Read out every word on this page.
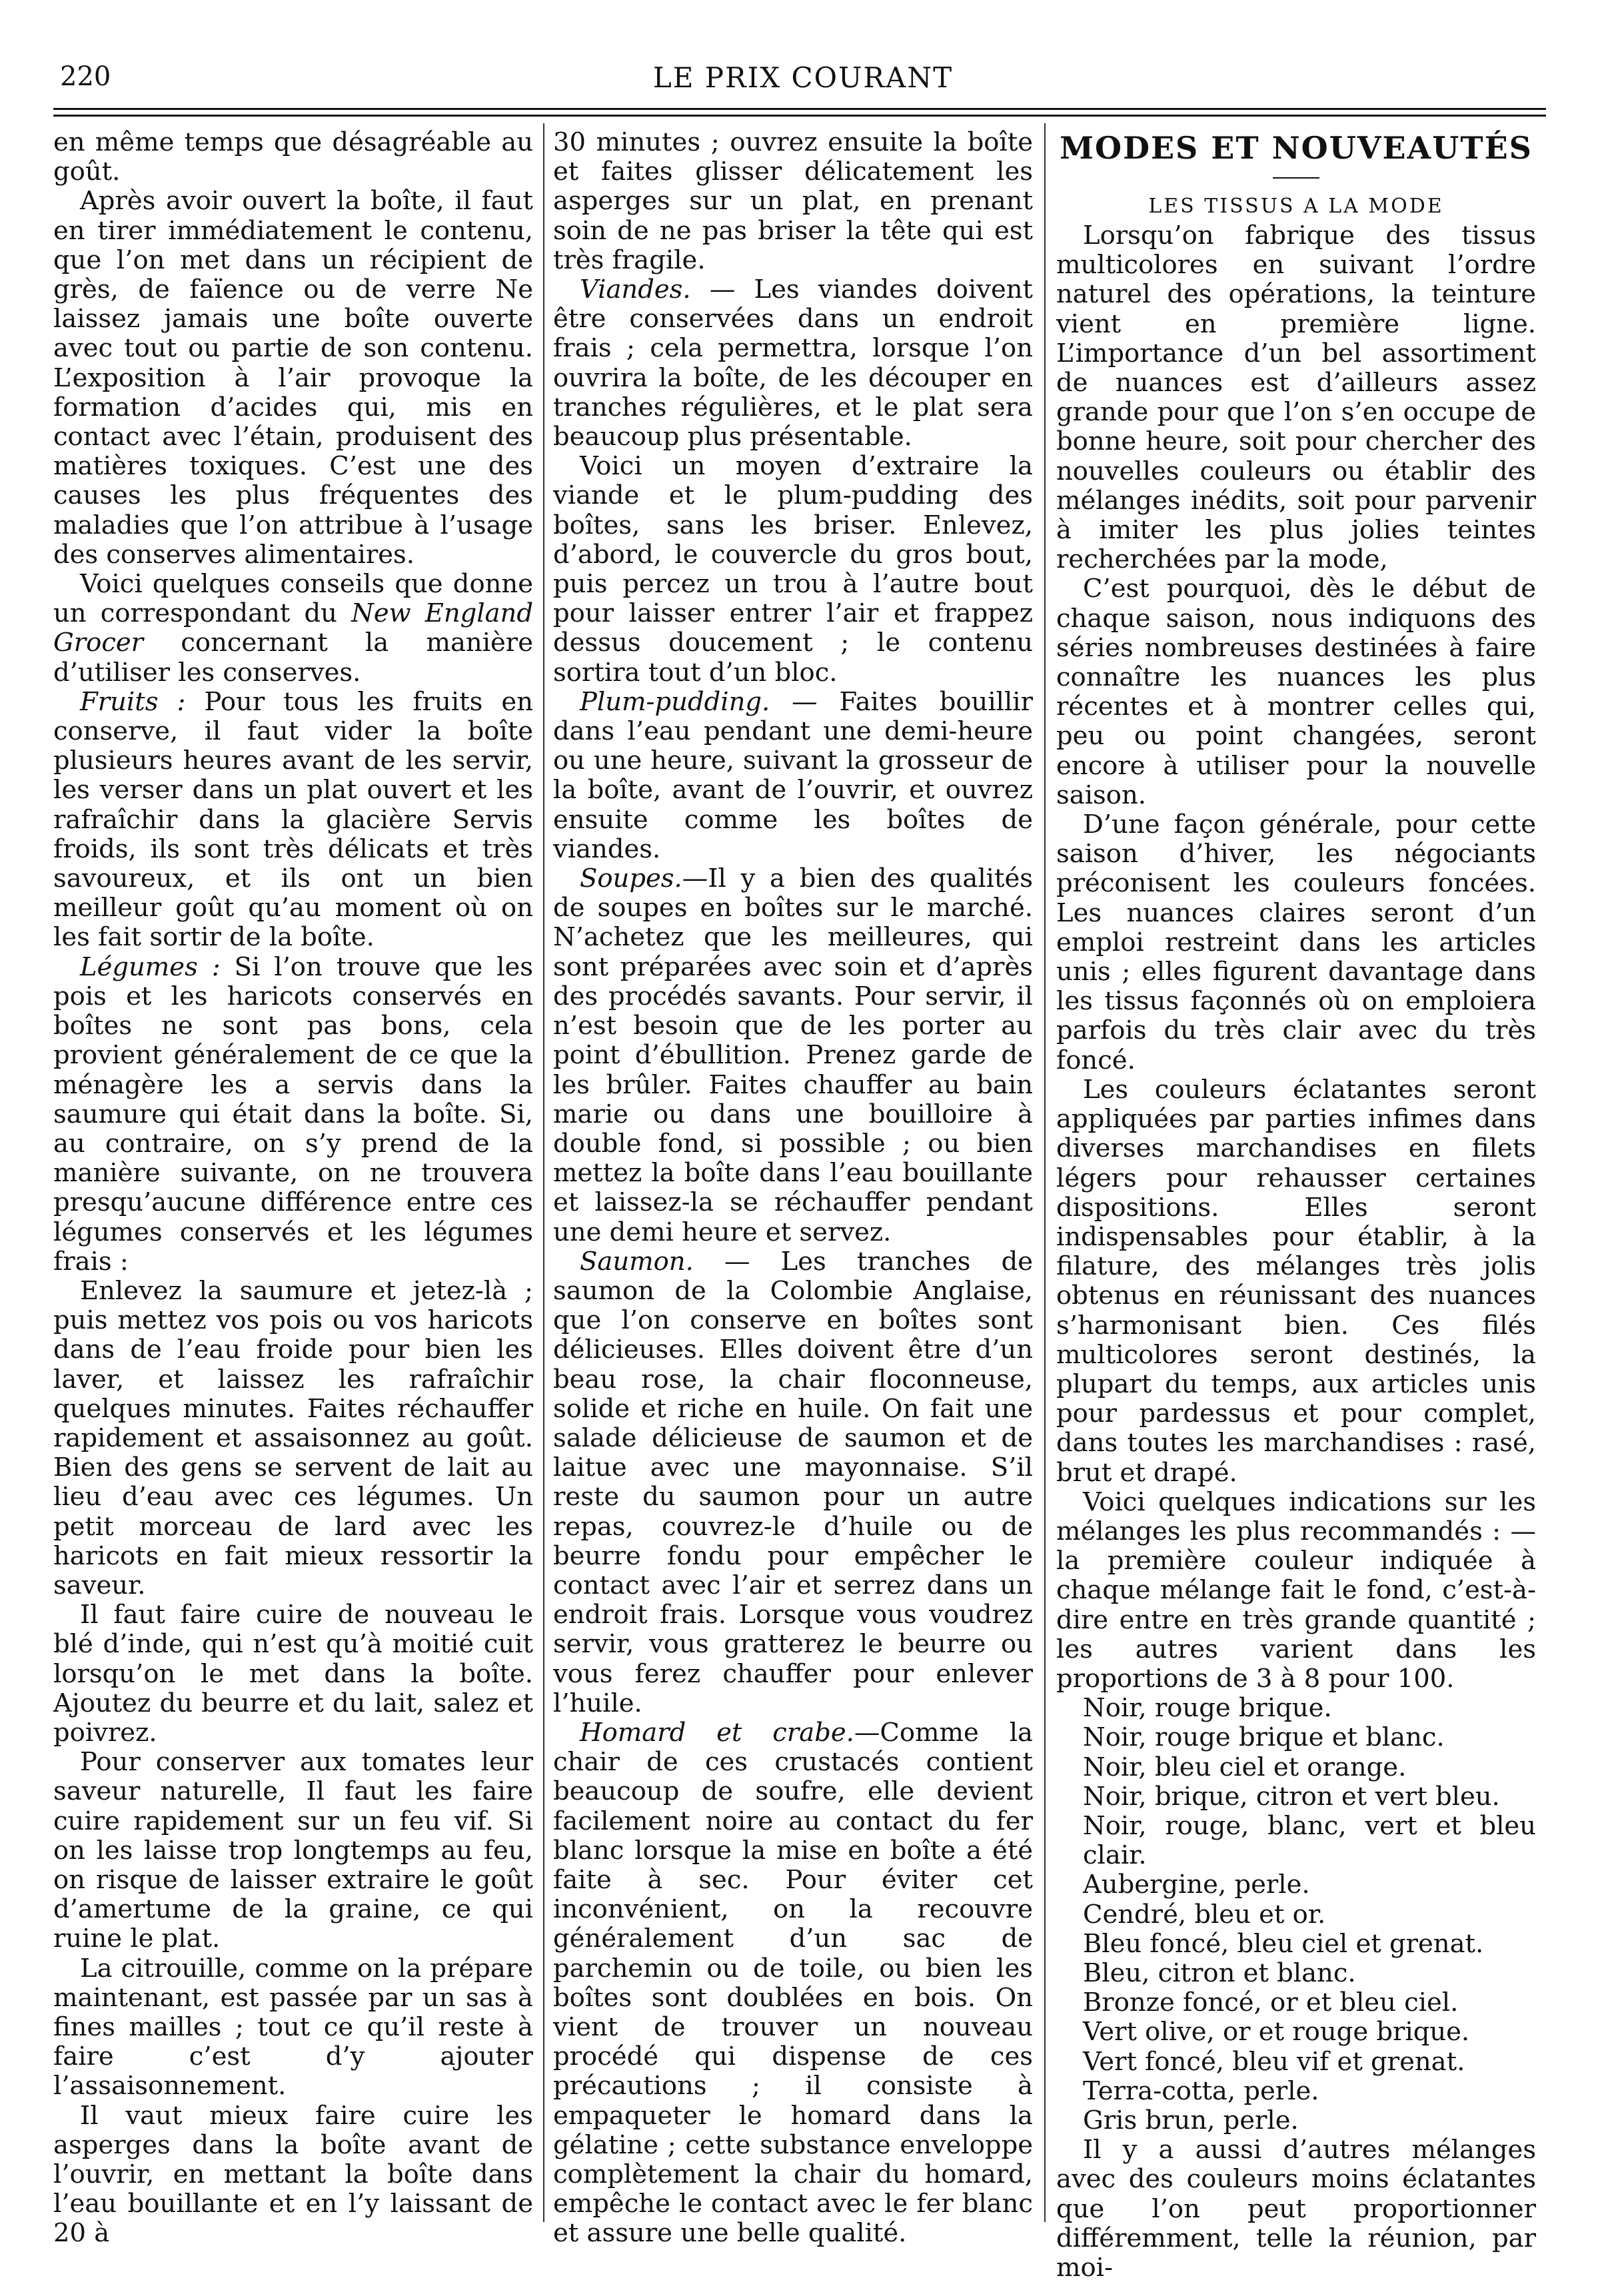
220	LE PRIX COURANT

en même temps que désagréable au goût.

Après avoir ouvert la boîte, il faut en tirer immédiatement le contenu, que l’on met dans un récipient de grès, de faïence ou de verre Ne laissez jamais une boîte ouverte avec tout ou partie de son contenu. L’exposition à l’air provoque la formation d’acides qui, mis en contact avec l’étain, produisent des matières toxiques. C’est une des causes les plus fréquentes des maladies que l’on attribue à l’usage des conserves alimentaires.

Voici quelques conseils que donne un correspondant du New England Grocer concernant la manière d’utiliser les conserves.

Fruits : Pour tous les fruits en conserve, il faut vider la boîte plusieurs heures avant de les servir, les verser dans un plat ouvert et les rafraîchir dans la glacière Servis froids, ils sont très délicats et très savoureux, et ils ont un bien meilleur goût qu’au moment où on les fait sortir de la boîte.

Légumes : Si l’on trouve que les pois et les haricots conservés en boîtes ne sont pas bons, cela provient généralement de ce que la ménagère les a servis dans la saumure qui était dans la boîte. Si, au contraire, on s’y prend de la manière suivante, on ne trouvera presqu’aucune différence entre ces légumes conservés et les légumes frais :

Enlevez la saumure et jetez-là ; puis mettez vos pois ou vos haricots dans de l’eau froide pour bien les laver, et laissez les rafraîchir quelques minutes. Faites réchauffer rapidement et assaisonnez au goût. Bien des gens se servent de lait au lieu d’eau avec ces légumes. Un petit morceau de lard avec les haricots en fait mieux ressortir la saveur.

Il faut faire cuire de nouveau le blé d’inde, qui n’est qu’à moitié cuit lorsqu’on le met dans la boîte. Ajoutez du beurre et du lait, salez et poivrez.

Pour conserver aux tomates leur saveur naturelle, Il faut les faire cuire rapidement sur un feu vif. Si on les laisse trop longtemps au feu, on risque de laisser extraire le goût d’amertume de la graine, ce qui ruine le plat.

La citrouille, comme on la prépare maintenant, est passée par un sas à fines mailles ; tout ce qu’il reste à faire c’est d’y ajouter l’assaisonnement.

Il vaut mieux faire cuire les asperges dans la boîte avant de l’ouvrir, en mettant la boîte dans l’eau bouillante et en l’y laissant de 20 à

30 minutes ; ouvrez ensuite la boîte et faites glisser délicatement les asperges sur un plat, en prenant soin de ne pas briser la tête qui est très fragile.

Viandes. — Les viandes doivent être conservées dans un endroit frais ; cela permettra, lorsque l’on ouvrira la boîte, de les découper en tranches régulières, et le plat sera beaucoup plus présentable.

Voici un moyen d’extraire la viande et le plum-pudding des boîtes, sans les briser. Enlevez, d’abord, le couvercle du gros bout, puis percez un trou à l’autre bout pour laisser entrer l’air et frappez dessus doucement ; le contenu sortira tout d’un bloc.

Plum-pudding. — Faites bouillir dans l’eau pendant une demi-heure ou une heure, suivant la grosseur de la boîte, avant de l’ouvrir, et ouvrez ensuite comme les boîtes de viandes.

Soupes.—Il y a bien des qualités de soupes en boîtes sur le marché. N’achetez que les meilleures, qui sont préparées avec soin et d’après des procédés savants. Pour servir, il n’est besoin que de les porter au point d’ébullition. Prenez garde de les brûler. Faites chauffer au bain marie ou dans une bouilloire à double fond, si possible ; ou bien mettez la boîte dans l’eau bouillante et laissez-la se réchauffer pendant une demi heure et servez.

Saumon. — Les tranches de saumon de la Colombie Anglaise, que l’on conserve en boîtes sont délicieuses. Elles doivent être d’un beau rose, la chair floconneuse, solide et riche en huile. On fait une salade délicieuse de saumon et de laitue avec une mayonnaise. S’il reste du saumon pour un autre repas, couvrez-le d’huile ou de beurre fondu pour empêcher le contact avec l’air et serrez dans un endroit frais. Lorsque vous voudrez servir, vous gratterez le beurre ou vous ferez chauffer pour enlever l’huile.

Homard et crabe.—Comme la chair de ces crustacés contient beaucoup de soufre, elle devient facilement noire au contact du fer blanc lorsque la mise en boîte a été faite à sec. Pour éviter cet inconvénient, on la recouvre généralement d’un sac de parchemin ou de toile, ou bien les boîtes sont doublées en bois. On vient de trouver un nouveau procédé qui dispense de ces précautions ; il consiste à empaqueter le homard dans la gélatine ; cette substance enveloppe complètement la chair du homard, empêche le contact avec le fer blanc et assure une belle qualité.

MODES ET NOUVEAUTÉS

LES TISSUS A LA MODE

Lorsqu’on fabrique des tissus multicolores en suivant l’ordre naturel des opérations, la teinture vient en première ligne. L’importance d’un bel assortiment de nuances est d’ailleurs assez grande pour que l’on s’en occupe de bonne heure, soit pour chercher des nouvelles couleurs ou établir des mélanges inédits, soit pour parvenir à imiter les plus jolies teintes recherchées par la mode,

C’est pourquoi, dès le début de chaque saison, nous indiquons des séries nombreuses destinées à faire connaître les nuances les plus récentes et à montrer celles qui, peu ou point changées, seront encore à utiliser pour la nouvelle saison.

D’une façon générale, pour cette saison d’hiver, les négociants préconisent les couleurs foncées. Les nuances claires seront d’un emploi restreint dans les articles unis ; elles figurent davantage dans les tissus façonnés où on emploiera parfois du très clair avec du très foncé.

Les couleurs éclatantes seront appliquées par parties infimes dans diverses marchandises en filets légers pour rehausser certaines dispositions. Elles seront indispensables pour établir, à la filature, des mélanges très jolis obtenus en réunissant des nuances s’harmonisant bien. Ces filés multicolores seront destinés, la plupart du temps, aux articles unis pour pardessus et pour complet, dans toutes les marchandises : rasé, brut et drapé.

Voici quelques indications sur les mélanges les plus recommandés : — la première couleur indiquée à chaque mélange fait le fond, c’est-à-dire entre en très grande quantité ; les autres varient dans les proportions de 3 à 8 pour 100.

Noir, rouge brique.

Noir, rouge brique et blanc.

Noir, bleu ciel et orange.

Noir, brique, citron et vert bleu.

Noir, rouge, blanc, vert et bleu clair.

Aubergine, perle.

Cendré, bleu et or.

Bleu foncé, bleu ciel et grenat.

Bleu, citron et blanc.

Bronze foncé, or et bleu ciel.

Vert olive, or et rouge brique.

Vert foncé, bleu vif et grenat.

Terra-cotta, perle.

Gris brun, perle.

Il y a aussi d’autres mélanges avec des couleurs moins éclatantes que l’on peut proportionner différemment, telle la réunion, par moi-
